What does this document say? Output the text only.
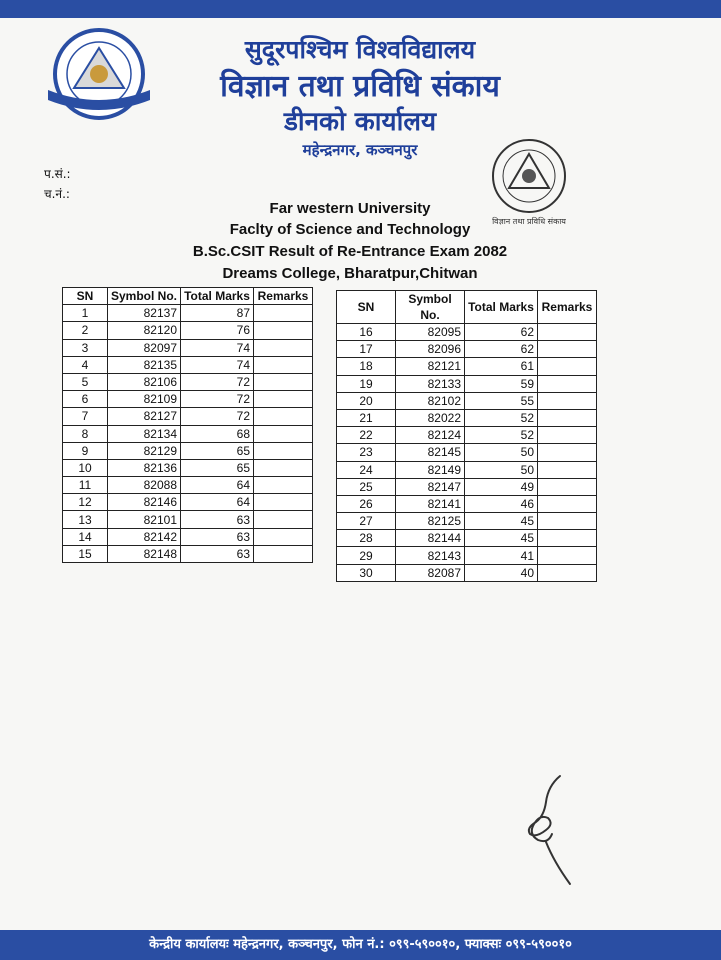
सुदूरपश्चिम विश्वविद्यालय
विज्ञान तथा प्रविधि संकाय
डीनको कार्यालय
महेन्द्रनगर, कञ्चनपुर
प.सं.:
च.नं.:
विज्ञान तथा प्रविधि संकाय
Far western University
Faclty of Science and Technology
B.Sc.CSIT Result of Re-Entrance Exam 2082
Dreams College, Bharatpur,Chitwan
SN	Symbol No.	Total Marks	Remarks
1	82137	87	
2	82120	76	
3	82097	74	
4	82135	74	
5	82106	72	
6	82109	72	
7	82127	72	
8	82134	68	
9	82129	65	
10	82136	65	
11	82088	64	
12	82146	64	
13	82101	63	
14	82142	63	
15	82148	63	
SN	Symbol No.	Total Marks	Remarks
16	82095	62	
17	82096	62	
18	82121	61	
19	82133	59	
20	82102	55	
21	82022	52	
22	82124	52	
23	82145	50	
24	82149	50	
25	82147	49	
26	82141	46	
27	82125	45	
28	82144	45	
29	82143	41	
30	82087	40	
केन्द्रीय कार्यालयः महेन्द्रनगर, कञ्चनपुर, फोन नं.: ०९९-५९००१०, फ्याक्सः ०९९-५९००१०
